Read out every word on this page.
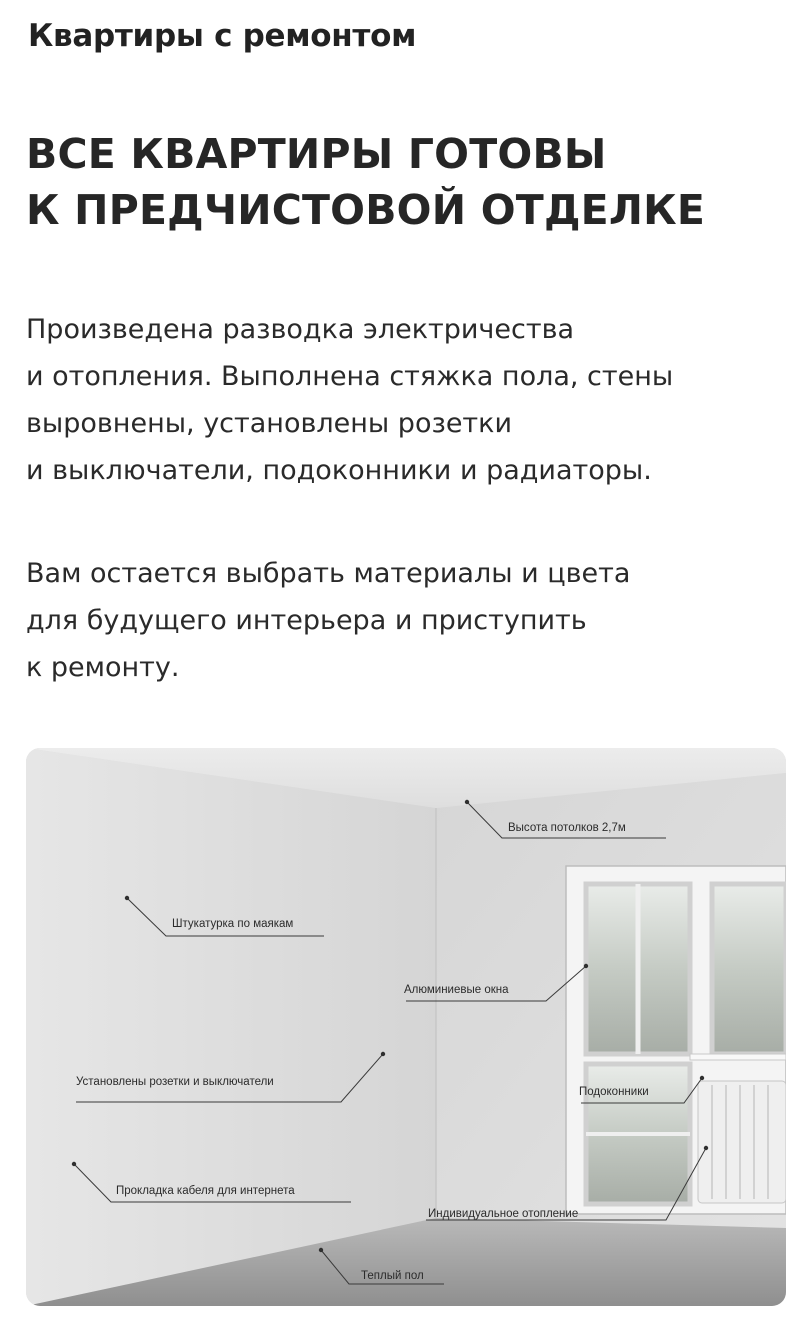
Квартиры с ремонтом
ВСЕ КВАРТИРЫ ГОТОВЫ
К ПРЕДЧИСТОВОЙ ОТДЕЛКЕ

Произведена разводка электричества
и отопления. Выполнена стяжка пола, стены
выровнены, установлены розетки
и выключатели, подоконники и радиаторы.

Вам остается выбрать материалы и цвета
для будущего интерьера и приступить
к ремонту.

Высота потолков 2,7м
Штукатурка по маякам
Алюминиевые окна
Установлены розетки и выключатели
Подоконники
Прокладка кабеля для интернета
Индивидуальное отопление
Теплый пол
